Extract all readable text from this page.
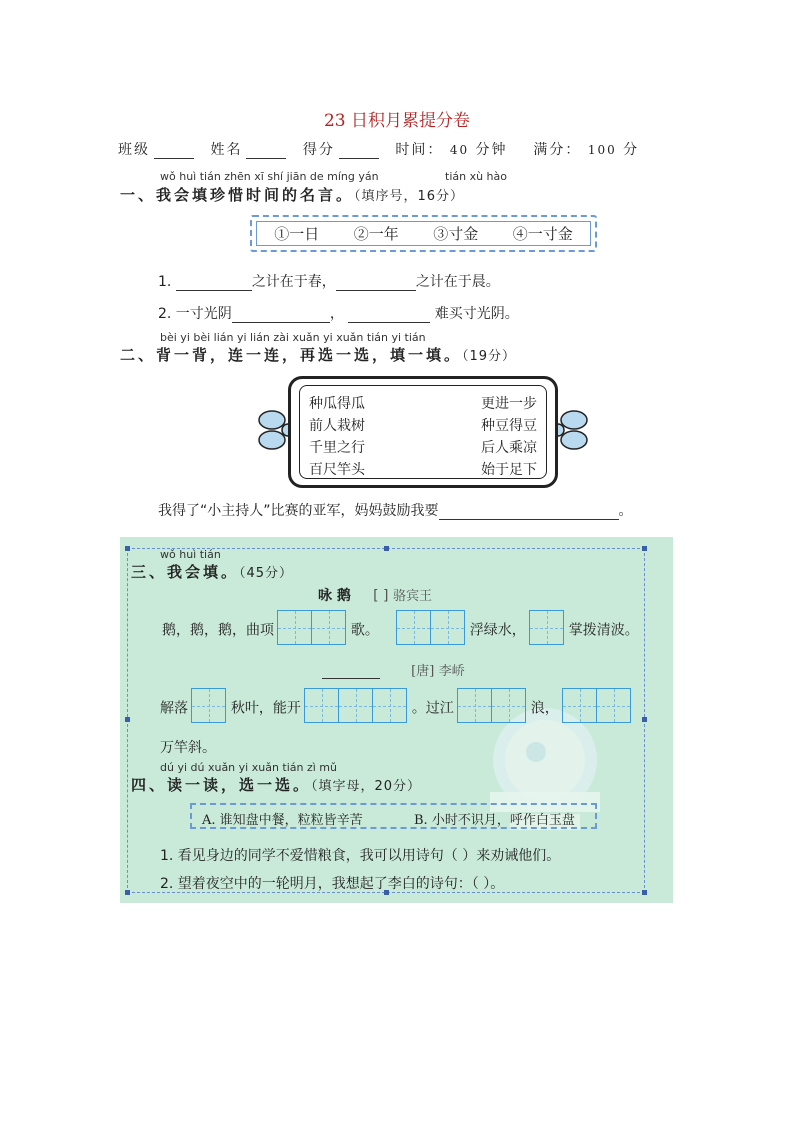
23 日积月累提分卷
班级	姓名	得分	时间： 40 分钟 满分： 100 分
wǒ huì tián zhēn xī shí jiān de míng yán	tián xù hào
一、我会填珍惜时间的名言。（填序号，16分）
①一日 ②一年 ③寸金 ④一寸金
1.	之计在于春，	之计在于晨。
2. 一寸光阴	，	难买寸光阴。
bèi yi bèi lián yi lián zài xuǎn yi xuǎn tián yi tián
二、背一背，连一连，再选一选，填一填。（19分）
种瓜得瓜
前人栽树
千里之行
百尺竿头
更进一步
种豆得豆
后人乘凉
始于足下
我得了“小主持人”比赛的亚军，妈妈鼓励我要	。
wǒ huì tián
三、我会填。（45分）
咏 鹅 [ ] 骆宾王
鹅，鹅，鹅，曲项	歌。	浮绿水，	掌拨清波。
[唐] 李峤
解落	秋叶，能开	。过江	浪，
万竿斜。
dú yi dú xuǎn yi xuǎn tián zì mǔ
四、读一读，选一选。（填字母，20分）
A. 谁知盘中餐，粒粒皆辛苦	B. 小时不识月，呼作白玉盘
1. 看见身边的同学不爱惜粮食，我可以用诗句（ ）来劝诫他们。
2. 望着夜空中的一轮明月，我想起了李白的诗句：（ ）。
